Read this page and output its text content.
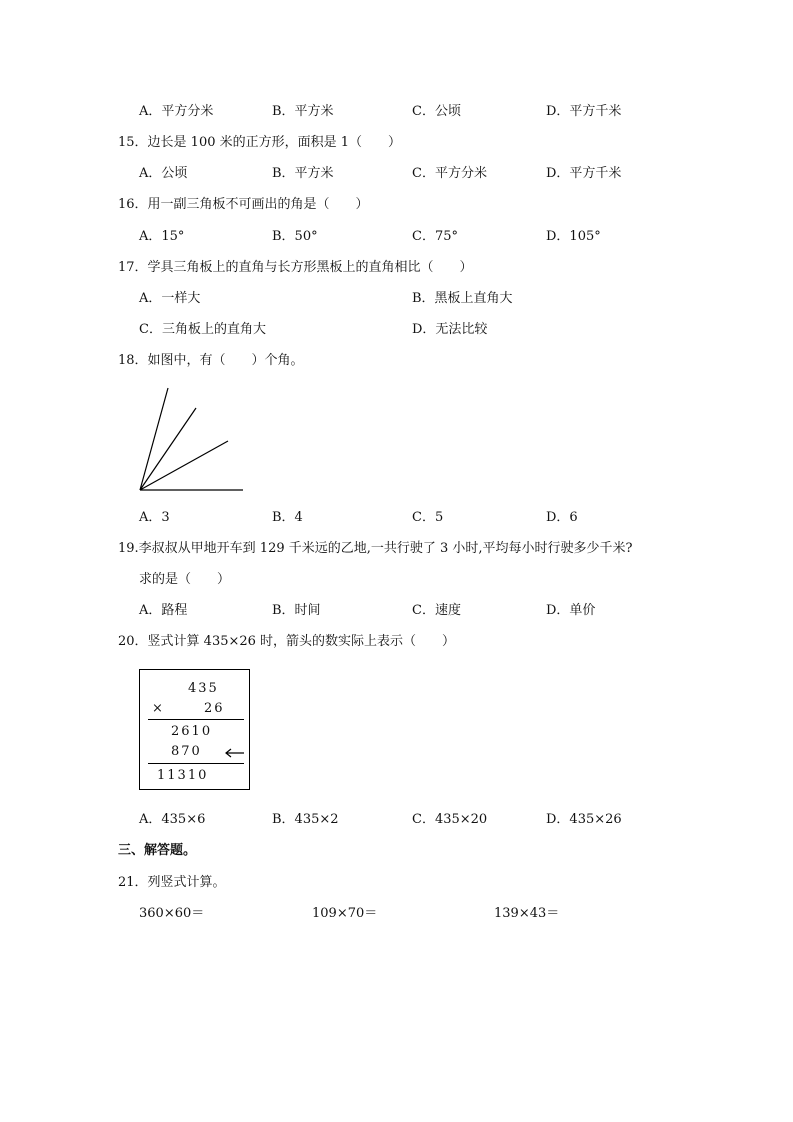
A．平方分米	B．平方米	C．公顷	D．平方千米
15．边长是 100 米的正方形，面积是 1（　　）
A．公顷	B．平方米	C．平方分米	D．平方千米
16．用一副三角板不可画出的角是（　　）
A．15°	B．50°	C．75°	D．105°
17．学具三角板上的直角与长方形黑板上的直角相比（　　）
A．一样大	B．黑板上直角大
C．三角板上的直角大	D．无法比较
18．如图中，有（　　）个角。
A．3	B．4	C．5	D．6
19.李叔叔从甲地开车到 129 千米远的乙地,一共行驶了 3 小时,平均每小时行驶多少千米?
求的是（　　）
A．路程	B．时间	C．速度	D．单价
20．竖式计算 435×26 时，箭头的数实际上表示（　　）
435
×	26
2610
870
11310
A．435×6	B．435×2	C．435×20	D．435×26
三、解答题。
21．列竖式计算。
360×60＝	109×70＝	139×43＝
